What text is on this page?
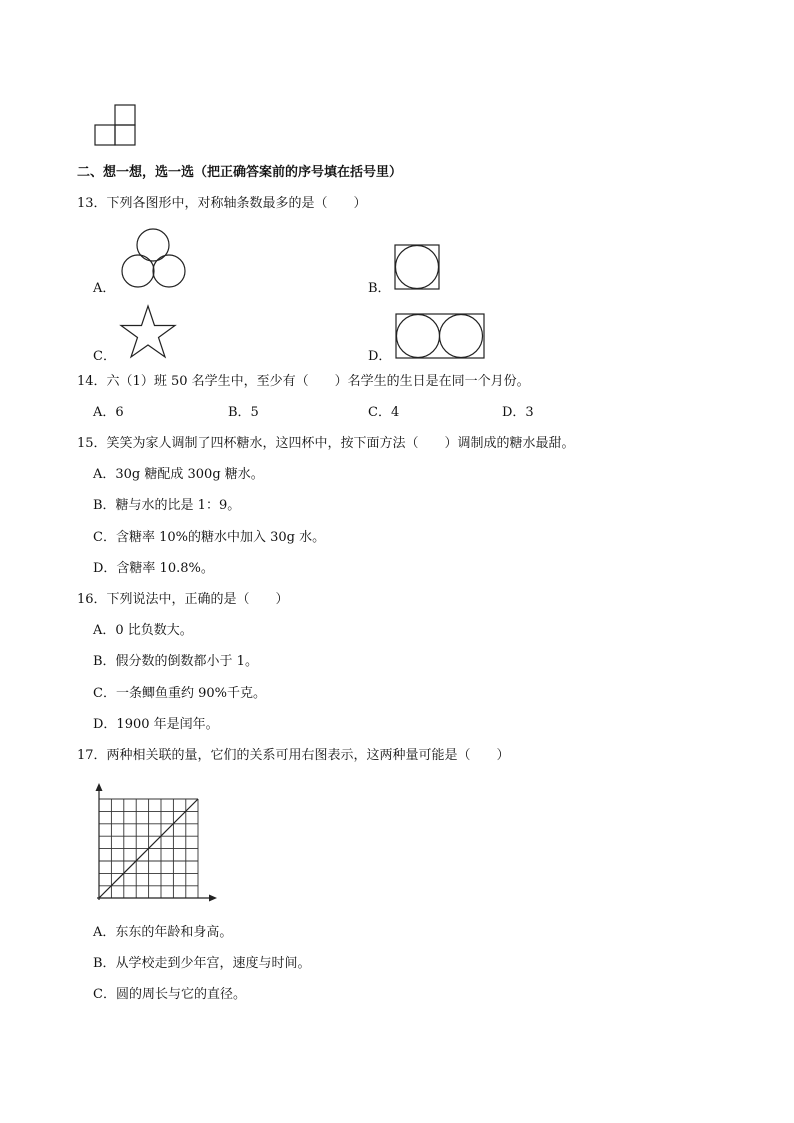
二、想一想，选一选（把正确答案前的序号填在括号里）
13．下列各图形中，对称轴条数最多的是（　　）
A．	B．
C．	D．
14．六（1）班 50 名学生中，至少有（　　）名学生的生日是在同一个月份。
A．6	B．5	C．4	D．3
15．笑笑为家人调制了四杯糖水，这四杯中，按下面方法（　　）调制成的糖水最甜。
A．30g 糖配成 300g 糖水。
B．糖与水的比是 1：9。
C．含糖率 10%的糖水中加入 30g 水。
D．含糖率 10.8%。
16．下列说法中，正确的是（　　）
A．0 比负数大。
B．假分数的倒数都小于 1。
C．一条鲫鱼重约 90%千克。
D．1900 年是闰年。
17．两种相关联的量，它们的关系可用右图表示，这两种量可能是（　　）
A．东东的年龄和身高。
B．从学校走到少年宫，速度与时间。
C．圆的周长与它的直径。
